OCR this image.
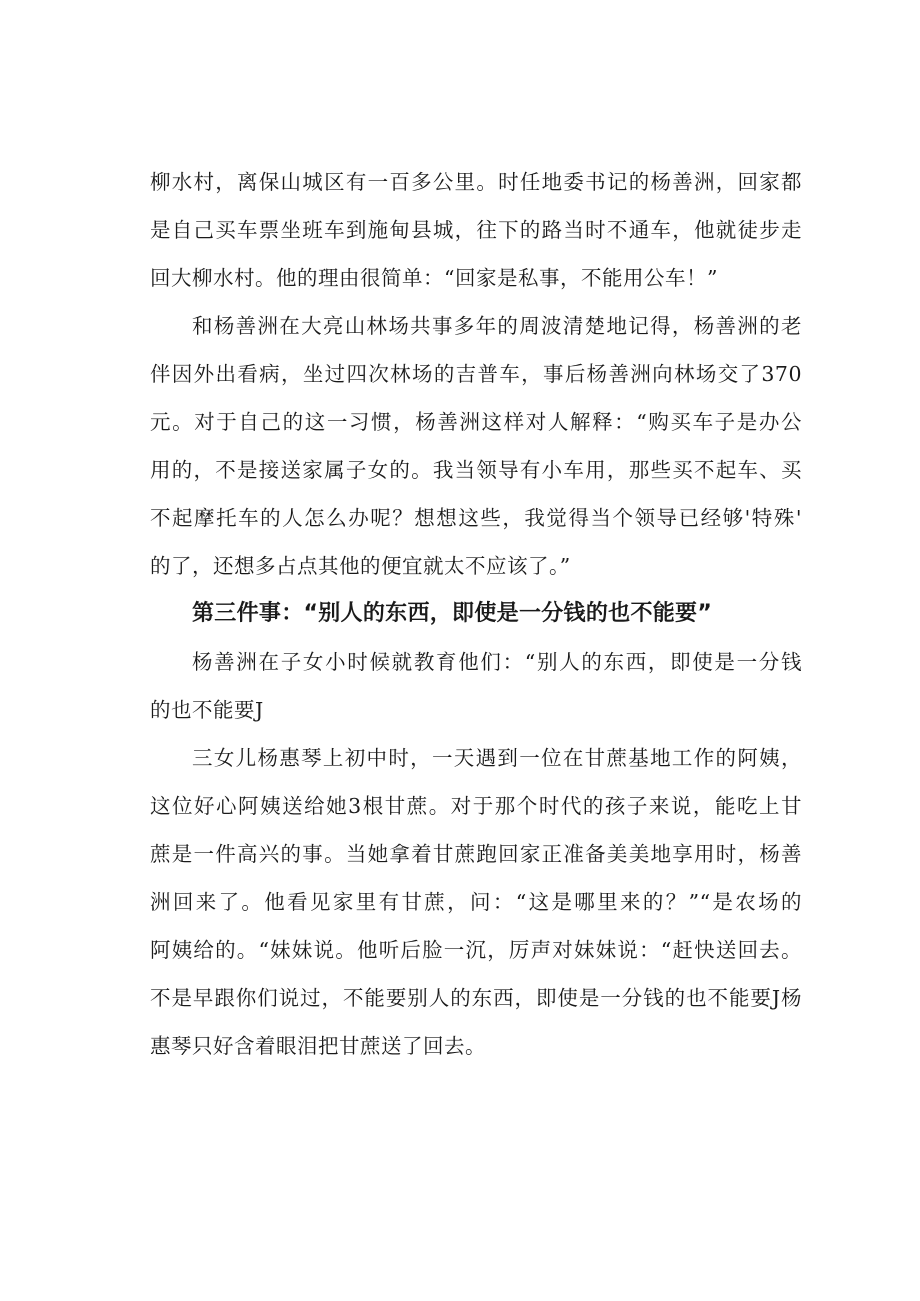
柳水村，离保山城区有一百多公里。时任地委书记的杨善洲，回家都
是自己买车票坐班车到施甸县城，往下的路当时不通车，他就徒步走
回大柳水村。他的理由很简单：“回家是私事，不能用公车！”
和杨善洲在大亮山林场共事多年的周波清楚地记得，杨善洲的老
伴因外出看病，坐过四次林场的吉普车，事后杨善洲向林场交了370
元。对于自己的这一习惯，杨善洲这样对人解释：“购买车子是办公
用的，不是接送家属子女的。我当领导有小车用，那些买不起车、买
不起摩托车的人怎么办呢？想想这些，我觉得当个领导已经够'特殊'
的了，还想多占点其他的便宜就太不应该了。”
第三件事：“别人的东西，即使是一分钱的也不能要”
杨善洲在子女小时候就教育他们：“别人的东西，即使是一分钱
的也不能要J
三女儿杨惠琴上初中时，一天遇到一位在甘蔗基地工作的阿姨，
这位好心阿姨送给她3根甘蔗。对于那个时代的孩子来说，能吃上甘
蔗是一件高兴的事。当她拿着甘蔗跑回家正准备美美地享用时，杨善
洲回来了。他看见家里有甘蔗，问：“这是哪里来的？”“是农场的
阿姨给的。“妹妹说。他听后脸一沉，厉声对妹妹说：“赶快送回去。
不是早跟你们说过，不能要别人的东西，即使是一分钱的也不能要J杨
惠琴只好含着眼泪把甘蔗送了回去。
